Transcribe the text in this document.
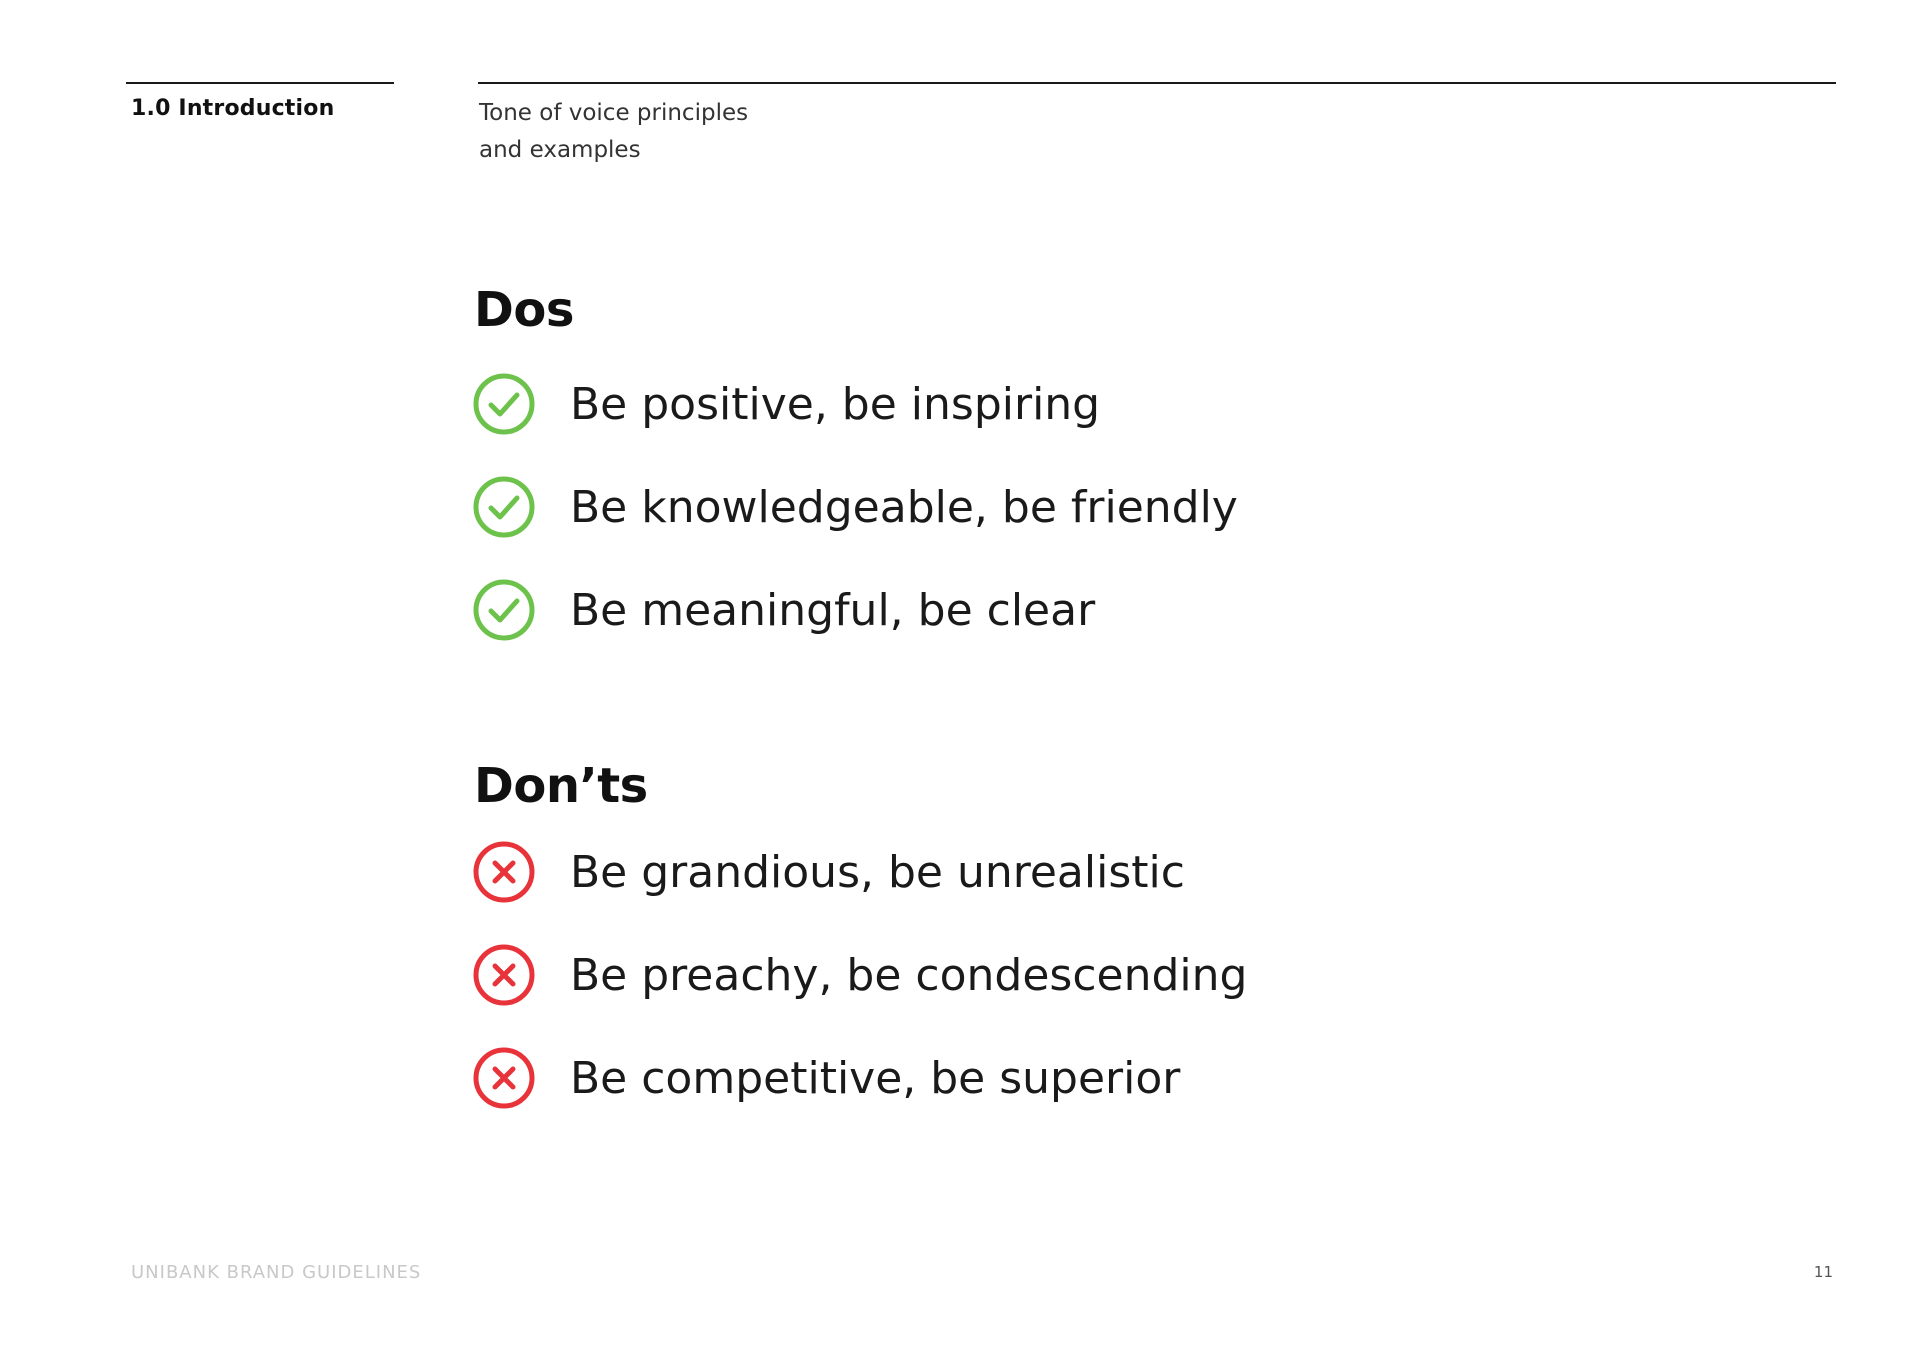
1.0 Introduction	Tone of voice principles
and examples
Dos
Be positive, be inspiring
Be knowledgeable, be friendly
Be meaningful, be clear
Don’ts
Be grandious, be unrealistic
Be preachy, be condescending
Be competitive, be superior
UNIBANK BRAND GUIDELINES	11
